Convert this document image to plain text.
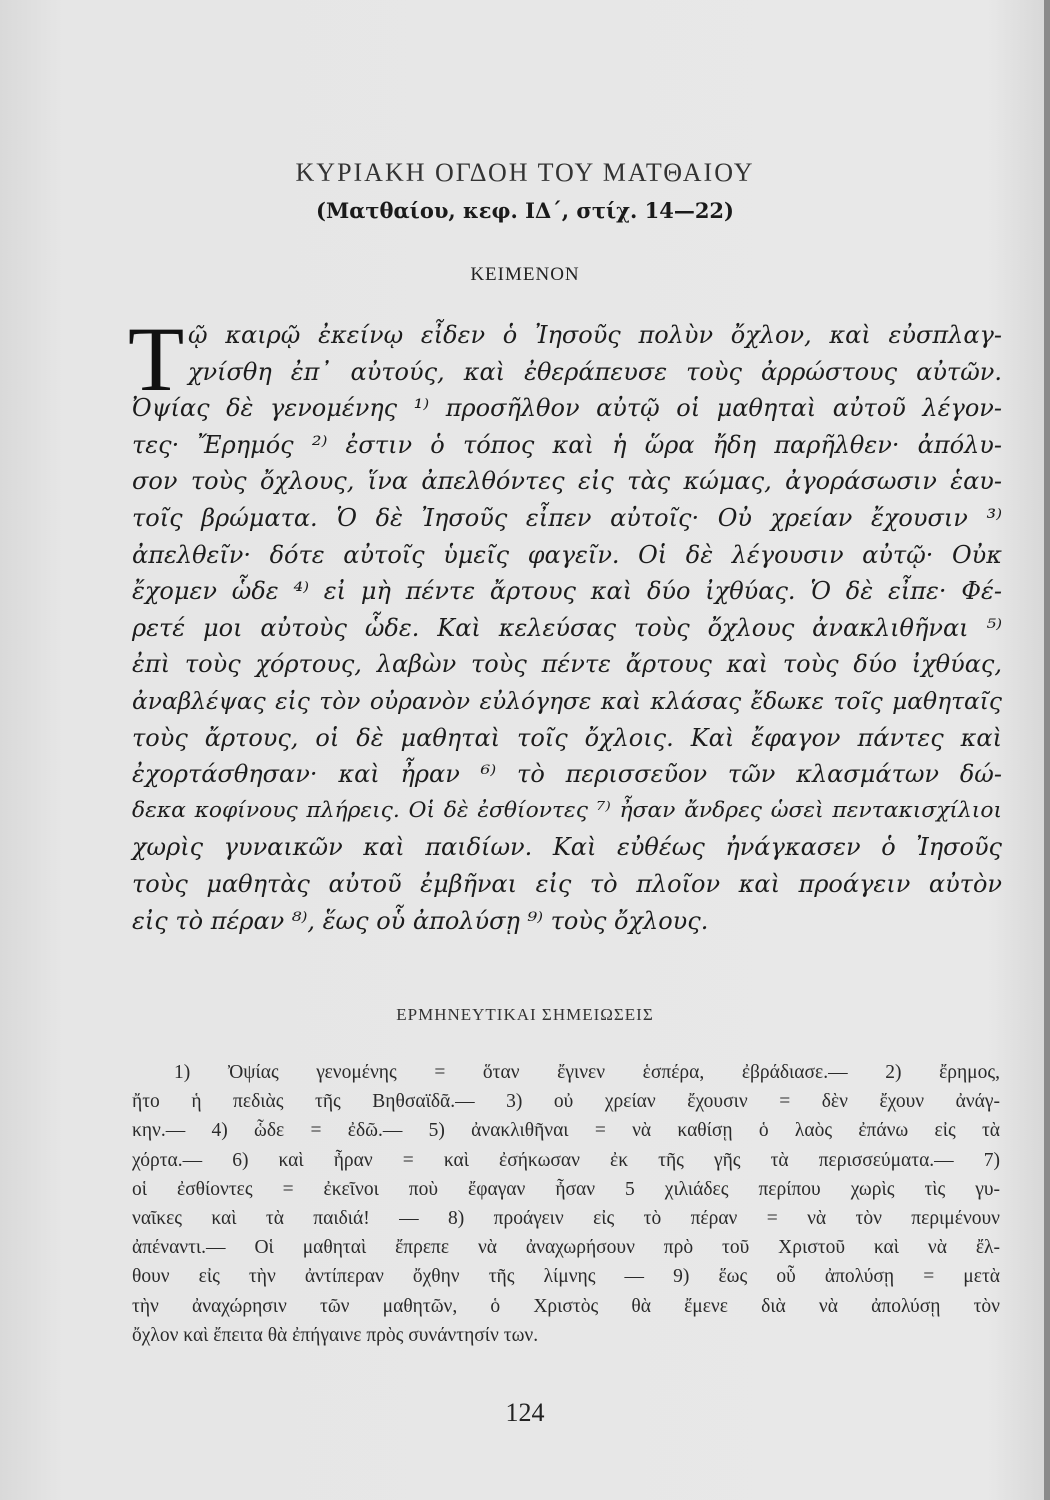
ΚΥΡΙΑΚΗ ΟΓΔΟΗ ΤΟΥ ΜΑΤΘΑΙΟΥ
(Ματθαίου, κεφ. ΙΔ΄, στίχ. 14—22)
ΚΕΙΜΕΝΟΝ
Τ ῷ καιρῷ ἐκείνῳ εἶδεν ὁ Ἰησοῦς πολὺν ὄχλον, καὶ εὐσπλαγ-
χνίσθη ἐπ᾿ αὐτούς, καὶ ἐθεράπευσε τοὺς ἀρρώστους αὐτῶν.
Ὀψίας δὲ γενομένης ¹⁾ προσῆλθον αὐτῷ οἱ μαθηταὶ αὐτοῦ λέγον-
τες· Ἔρημός ²⁾ ἐστιν ὁ τόπος καὶ ἡ ὥρα ἤδη παρῆλθεν· ἀπόλυ-
σον τοὺς ὄχλους, ἵνα ἀπελθόντες εἰς τὰς κώμας, ἀγοράσωσιν ἑαυ-
τοῖς βρώματα. Ὁ δὲ Ἰησοῦς εἶπεν αὐτοῖς· Οὐ χρείαν ἔχουσιν ³⁾
ἀπελθεῖν· δότε αὐτοῖς ὑμεῖς φαγεῖν. Οἱ δὲ λέγουσιν αὐτῷ· Οὐκ
ἔχομεν ὧδε ⁴⁾ εἰ μὴ πέντε ἄρτους καὶ δύο ἰχθύας. Ὁ δὲ εἶπε· Φέ-
ρετέ μοι αὐτοὺς ὧδε. Καὶ κελεύσας τοὺς ὄχλους ἀνακλιθῆναι ⁵⁾
ἐπὶ τοὺς χόρτους, λαβὼν τοὺς πέντε ἄρτους καὶ τοὺς δύο ἰχθύας,
ἀναβλέψας εἰς τὸν οὐρανὸν εὐλόγησε καὶ κλάσας ἔδωκε τοῖς μαθηταῖς
τοὺς ἄρτους, οἱ δὲ μαθηταὶ τοῖς ὄχλοις. Καὶ ἔφαγον πάντες καὶ
ἐχορτάσθησαν· καὶ ἦραν ⁶⁾ τὸ περισσεῦον τῶν κλασμάτων δώ-
δεκα κοφίνους πλήρεις. Οἱ δὲ ἐσθίοντες ⁷⁾ ἦσαν ἄνδρες ὡσεὶ πεντακισχίλιοι
χωρὶς γυναικῶν καὶ παιδίων. Καὶ εὐθέως ἠνάγκασεν ὁ Ἰησοῦς
τοὺς μαθητὰς αὐτοῦ ἐμβῆναι εἰς τὸ πλοῖον καὶ προάγειν αὐτὸν
εἰς τὸ πέραν ⁸⁾, ἕως οὗ ἀπολύσῃ ⁹⁾ τοὺς ὄχλους.
ΕΡΜΗΝΕΥΤΙΚΑΙ ΣΗΜΕΙΩΣΕΙΣ
1) Ὀψίας γενομένης = ὅταν ἔγινεν ἑσπέρα, ἐβράδιασε.— 2) ἔρημος,
ἤτο ἡ πεδιὰς τῆς Βηθσαϊδᾶ.— 3) οὐ χρείαν ἔχουσιν = δὲν ἔχουν ἀνάγ-
κην.— 4) ὧδε = ἐδῶ.— 5) ἀνακλιθῆναι = νὰ καθίσῃ ὁ λαὸς ἐπάνω εἰς τὰ
χόρτα.— 6) καὶ ἦραν = καὶ ἐσήκωσαν ἐκ τῆς γῆς τὰ περισσεύματα.— 7)
οἱ ἐσθίοντες = ἐκεῖνοι ποὺ ἔφαγαν ἦσαν 5 χιλιάδες περίπου χωρὶς τὶς γυ-
ναῖκες καὶ τὰ παιδιά! — 8) προάγειν εἰς τὸ πέραν = νὰ τὸν περιμένουν
ἀπέναντι.— Οἱ μαθηταὶ ἔπρεπε νὰ ἀναχωρήσουν πρὸ τοῦ Χριστοῦ καὶ νὰ ἔλ-
θουν εἰς τὴν ἀντίπεραν ὄχθην τῆς λίμνης — 9) ἕως οὗ ἀπολύσῃ = μετὰ
τὴν ἀναχώρησιν τῶν μαθητῶν, ὁ Χριστὸς θὰ ἔμενε διὰ νὰ ἀπολύσῃ τὸν
ὄχλον καὶ ἔπειτα θὰ ἐπήγαινε πρὸς συνάντησίν των.
124
